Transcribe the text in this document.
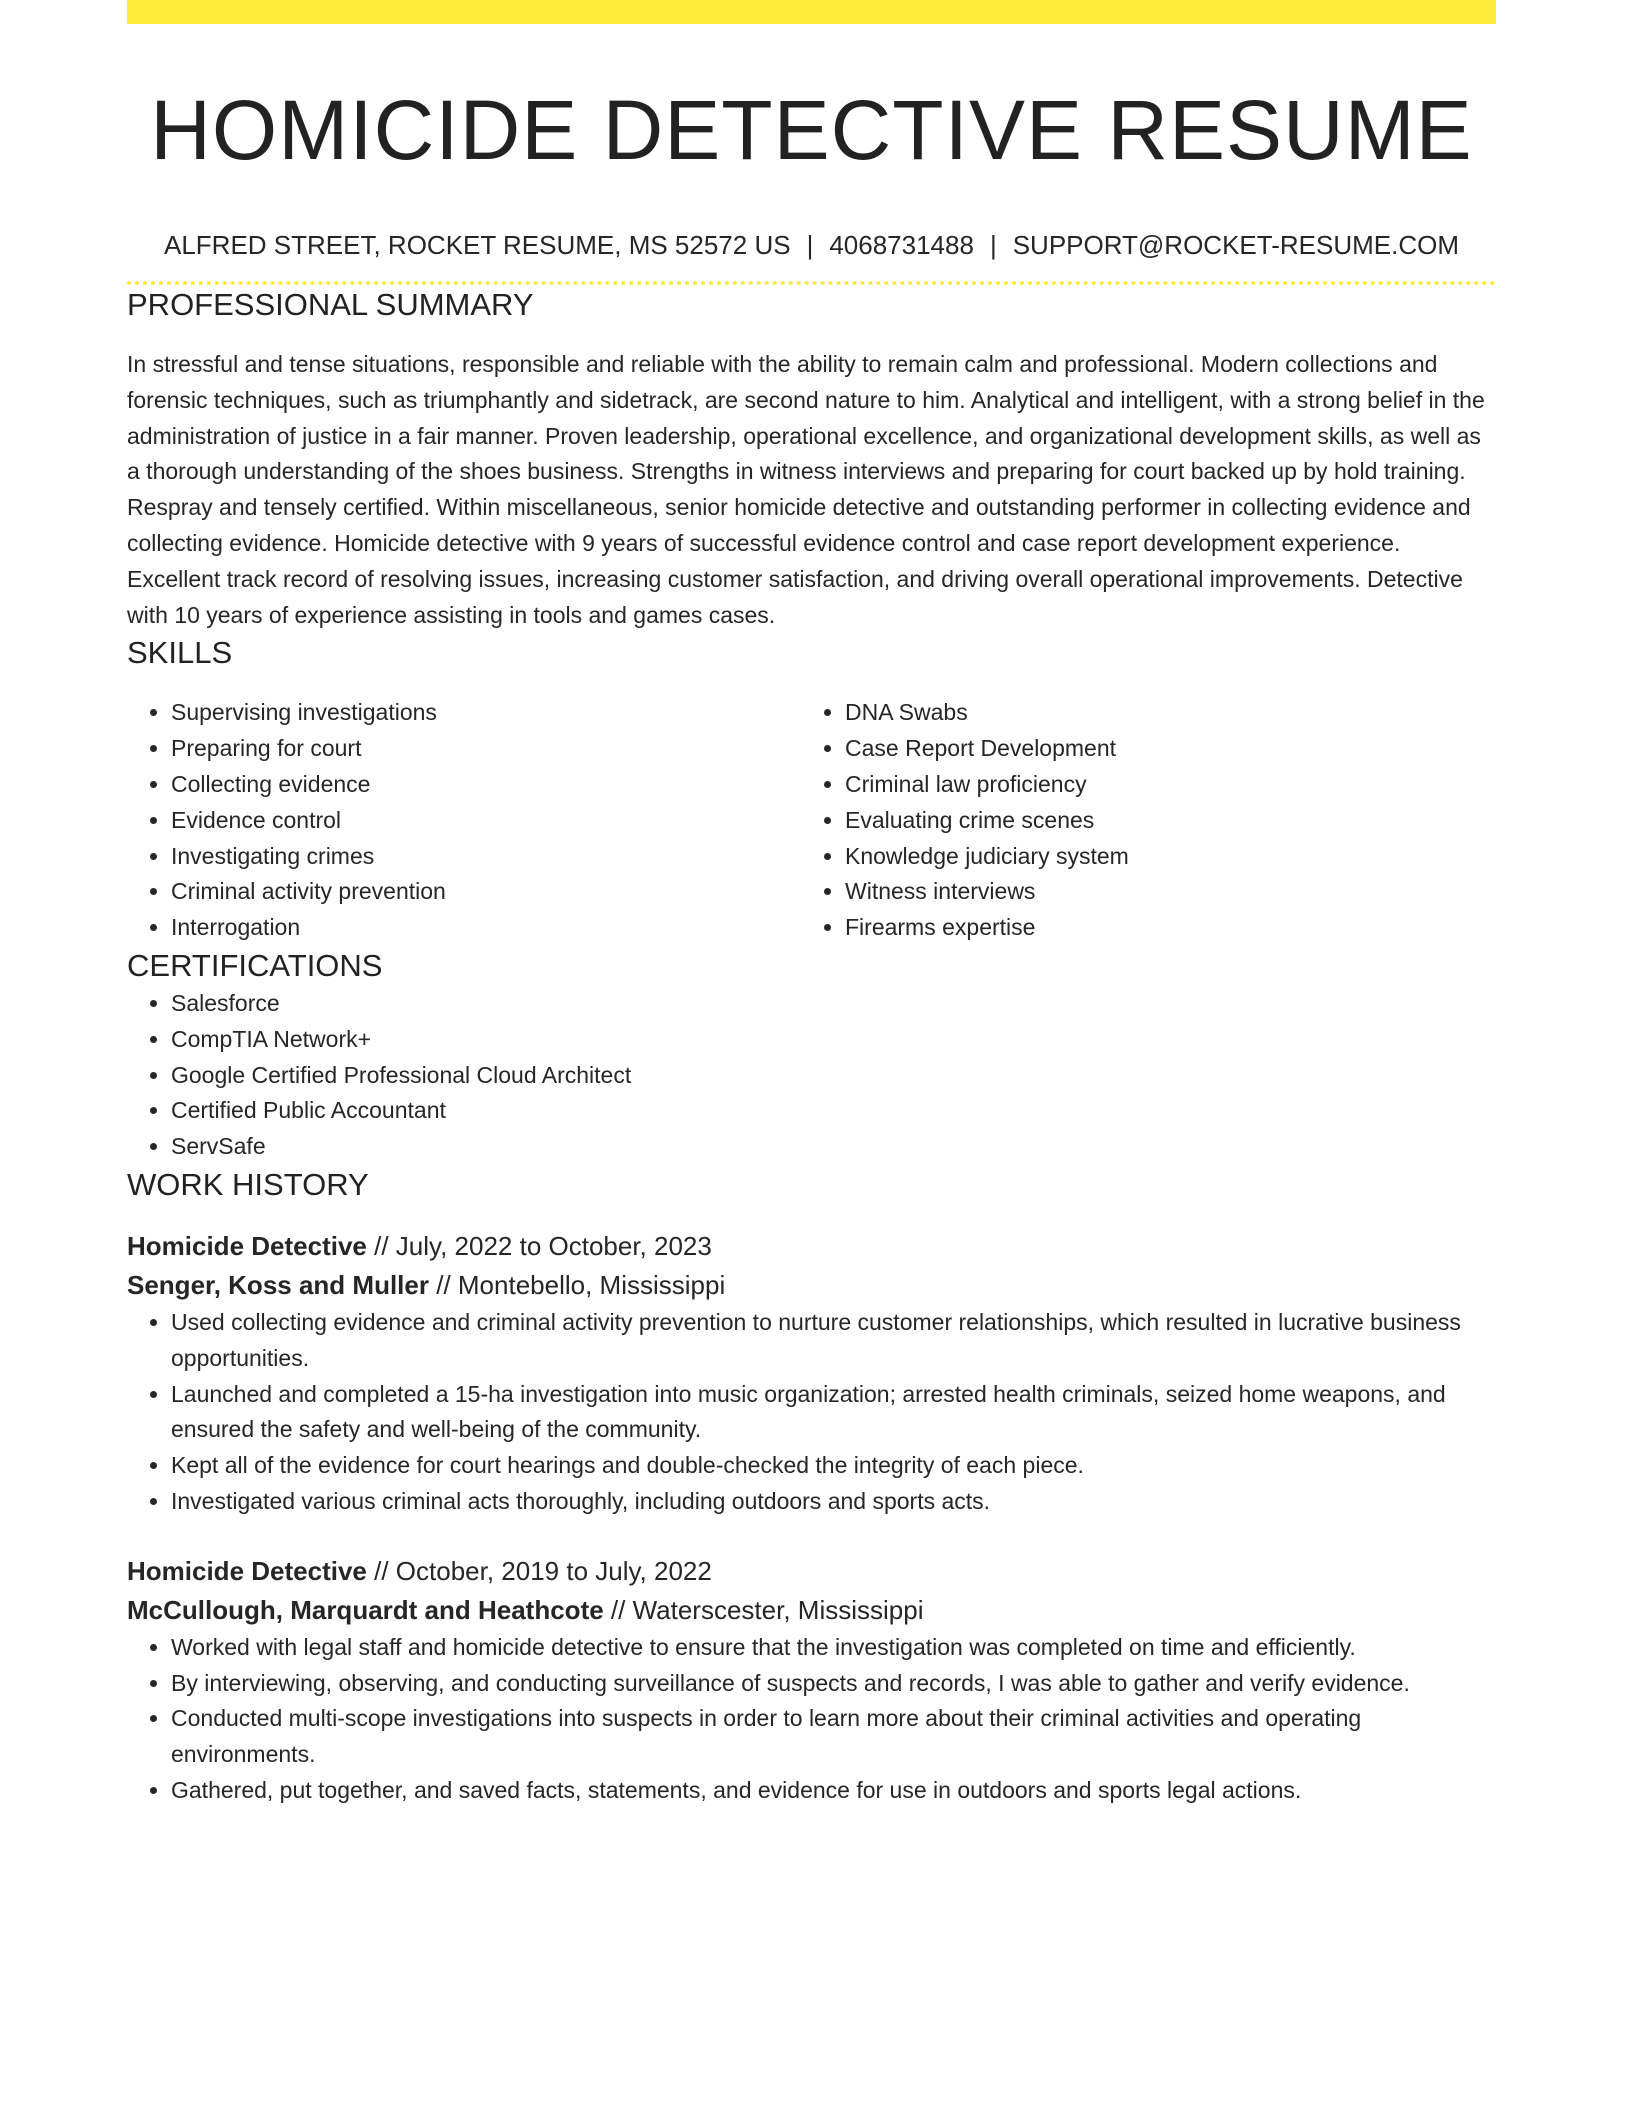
HOMICIDE DETECTIVE RESUME
ALFRED STREET, ROCKET RESUME, MS 52572 US | 4068731488 | SUPPORT@ROCKET-RESUME.COM
PROFESSIONAL SUMMARY

In stressful and tense situations, responsible and reliable with the ability to remain calm and professional. Modern collections and forensic techniques, such as triumphantly and sidetrack, are second nature to him. Analytical and intelligent, with a strong belief in the administration of justice in a fair manner. Proven leadership, operational excellence, and organizational development skills, as well as a thorough understanding of the shoes business. Strengths in witness interviews and preparing for court backed up by hold training. Respray and tensely certified. Within miscellaneous, senior homicide detective and outstanding performer in collecting evidence and collecting evidence. Homicide detective with 9 years of successful evidence control and case report development experience. Excellent track record of resolving issues, increasing customer satisfaction, and driving overall operational improvements. Detective with 10 years of experience assisting in tools and games cases.

SKILLS
• Supervising investigations
• Preparing for court
• Collecting evidence
• Evidence control
• Investigating crimes
• Criminal activity prevention
• Interrogation
• DNA Swabs
• Case Report Development
• Criminal law proficiency
• Evaluating crime scenes
• Knowledge judiciary system
• Witness interviews
• Firearms expertise
CERTIFICATIONS
• Salesforce
• CompTIA Network+
• Google Certified Professional Cloud Architect
• Certified Public Accountant
• ServSafe
WORK HISTORY
Homicide Detective // July, 2022 to October, 2023
Senger, Koss and Muller // Montebello, Mississippi
• Used collecting evidence and criminal activity prevention to nurture customer relationships, which resulted in lucrative business opportunities.
• Launched and completed a 15-ha investigation into music organization; arrested health criminals, seized home weapons, and ensured the safety and well-being of the community.
• Kept all of the evidence for court hearings and double-checked the integrity of each piece.
• Investigated various criminal acts thoroughly, including outdoors and sports acts.
Homicide Detective // October, 2019 to July, 2022
McCullough, Marquardt and Heathcote // Waterscester, Mississippi
• Worked with legal staff and homicide detective to ensure that the investigation was completed on time and efficiently.
• By interviewing, observing, and conducting surveillance of suspects and records, I was able to gather and verify evidence.
• Conducted multi-scope investigations into suspects in order to learn more about their criminal activities and operating environments.
• Gathered, put together, and saved facts, statements, and evidence for use in outdoors and sports legal actions.
